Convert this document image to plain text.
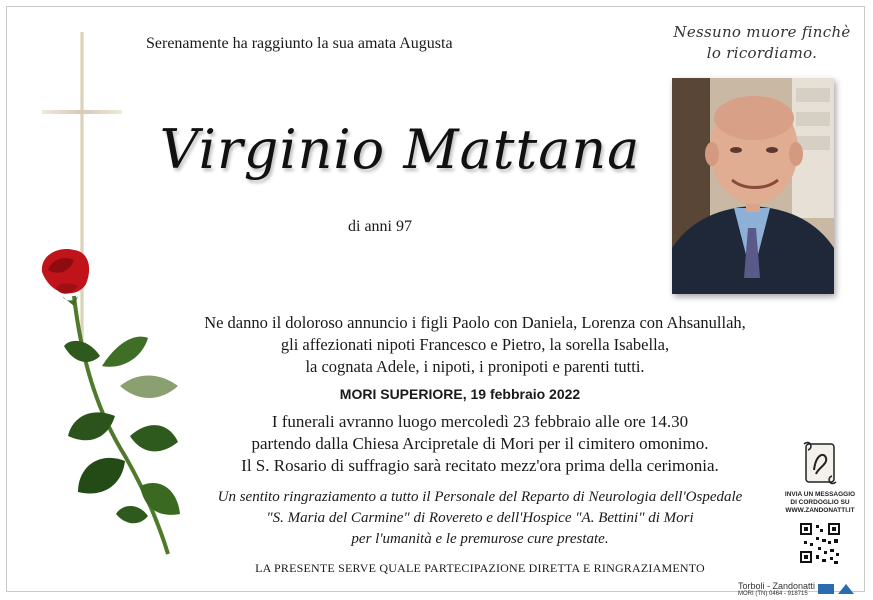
Serenamente ha raggiunto la sua amata Augusta
Nessuno muore finchè
lo ricordiamo.
Virginio Mattana
di anni 97
Ne danno il doloroso annuncio i figli Paolo con Daniela, Lorenza con Ahsanullah,
gli affezionati nipoti Francesco e Pietro, la sorella Isabella,
la cognata Adele, i nipoti, i pronipoti e parenti tutti.
MORI SUPERIORE, 19 febbraio 2022
I funerali avranno luogo mercoledì 23 febbraio alle ore 14.30
partendo dalla Chiesa Arcipretale di Mori per il cimitero omonimo.
Il S. Rosario di suffragio sarà recitato mezz'ora prima della cerimonia.
Un sentito ringraziamento a tutto il Personale del Reparto di Neurologia dell'Ospedale
"S. Maria del Carmine" di Rovereto e dell'Hospice "A. Bettini" di Mori
per l'umanità e le premurose cure prestate.
LA PRESENTE SERVE QUALE PARTECIPAZIONE DIRETTA E RINGRAZIAMENTO
INVIA UN MESSAGGIO
DI CORDOGLIO SU
WWW.ZANDONATTI.IT
Torboli - Zandonatti
MORI (TN) 0464 - 918715
